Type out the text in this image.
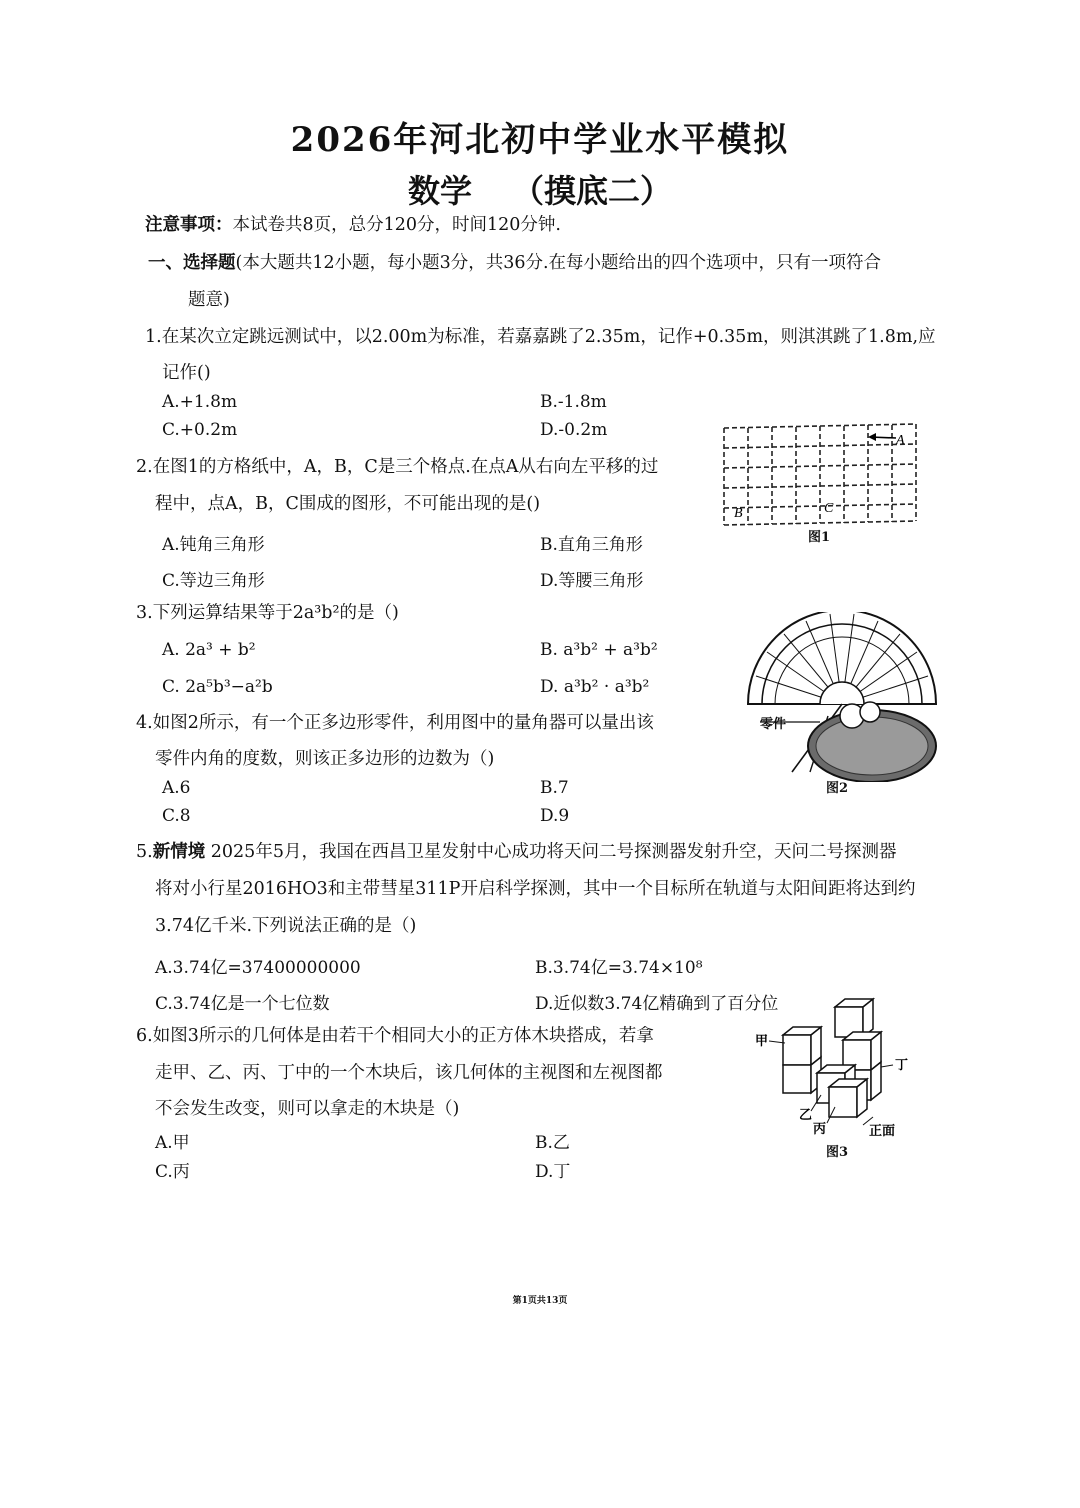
2026年河北初中学业水平模拟
数学 （摸底二）
注意事项：本试卷共8页，总分120分，时间120分钟.
一、选择题(本大题共12小题，每小题3分，共36分.在每小题给出的四个选项中，只有一项符合
题意)
1.在某次立定跳远测试中，以2.00m为标准，若嘉嘉跳了2.35m，记作+0.35m，则淇淇跳了1.8m,应
记作()
A.+1.8m	B.-1.8m
C.+0.2m	D.-0.2m
2.在图1的方格纸中，A，B，C是三个格点.在点A从右向左平移的过
程中，点A，B，C围成的图形，不可能出现的是()
A.钝角三角形	B.直角三角形
C.等边三角形	D.等腰三角形
A
B	C
图1
3.下列运算结果等于2a³b²的是（)
A. 2a³ + b²	B. a³b² + a³b²
C. 2a⁵b³−a²b	D. a³b² · a³b²
零件
图2
4.如图2所示，有一个正多边形零件，利用图中的量角器可以量出该
零件内角的度数，则该正多边形的边数为（)
A.6	B.7
C.8	D.9
5.新情境 2025年5月，我国在西昌卫星发射中心成功将天问二号探测器发射升空，天问二号探测器
将对小行星2016HO3和主带彗星311P开启科学探测，其中一个目标所在轨道与太阳间距将达到约
3.74亿千米.下列说法正确的是（)
A.3.74亿=37400000000	B.3.74亿=3.74×10⁸
C.3.74亿是一个七位数	D.近似数3.74亿精确到了百分位
甲
乙
丙
丁
正面
图3
6.如图3所示的几何体是由若干个相同大小的正方体木块搭成，若拿
走甲、乙、丙、丁中的一个木块后，该几何体的主视图和左视图都
不会发生改变，则可以拿走的木块是（)
A.甲	B.乙
C.丙	D.丁
第1页共13页
